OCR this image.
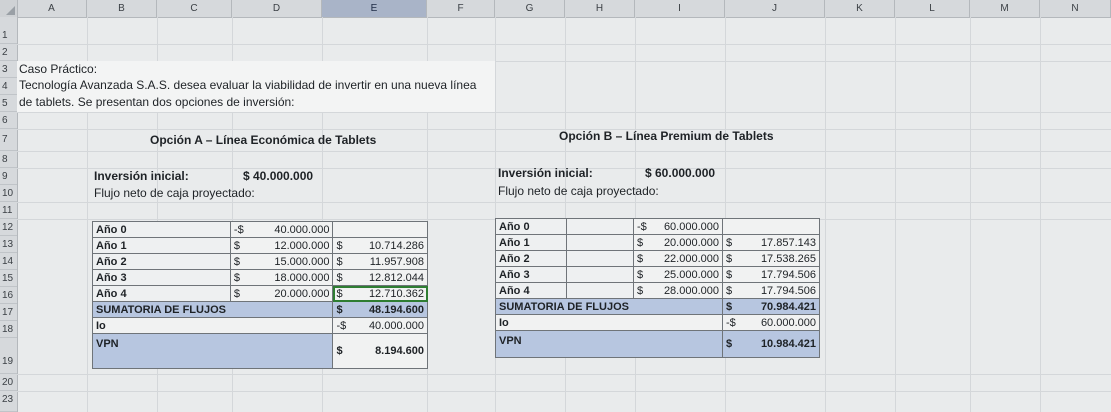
A	B	C	D	E	F	G	H	I	J	K	L	M	N
1
2
3
4
5
6
7
8
9
10
11
12
13
14
15
16
17
18
19
20
23
Caso Práctico:
Tecnología Avanzada S.A.S. desea evaluar la viabilidad de invertir en una nueva línea
de tablets. Se presentan dos opciones de inversión:
Opción A – Línea Económica de Tablets
Inversión inicial:	$ 40.000.000
Flujo neto de caja proyectado:
Año 0	-$ 40.000.000	

Año 1	$ 12.000.000	$ 10.714.286

Año 2	$ 15.000.000	$ 11.957.908

Año 3	$ 18.000.000	$ 12.812.044

Año 4	$ 20.000.000	$ 12.710.362

SUMATORIA DE FLUJOS		$ 48.194.600

Io		-$ 40.000.000

VPN		$ 8.194.600
Opción B – Línea Premium de Tablets
Inversión inicial:	$ 60.000.000
Flujo neto de caja proyectado:
Año 0		-$ 60.000.000	

Año 1		$ 20.000.000	$ 17.857.143

Año 2		$ 22.000.000	$ 17.538.265

Año 3		$ 25.000.000	$ 17.794.506

Año 4		$ 28.000.000	$ 17.794.506

SUMATORIA DE FLUJOS			$ 70.984.421

Io			-$ 60.000.000

VPN			$ 10.984.421
